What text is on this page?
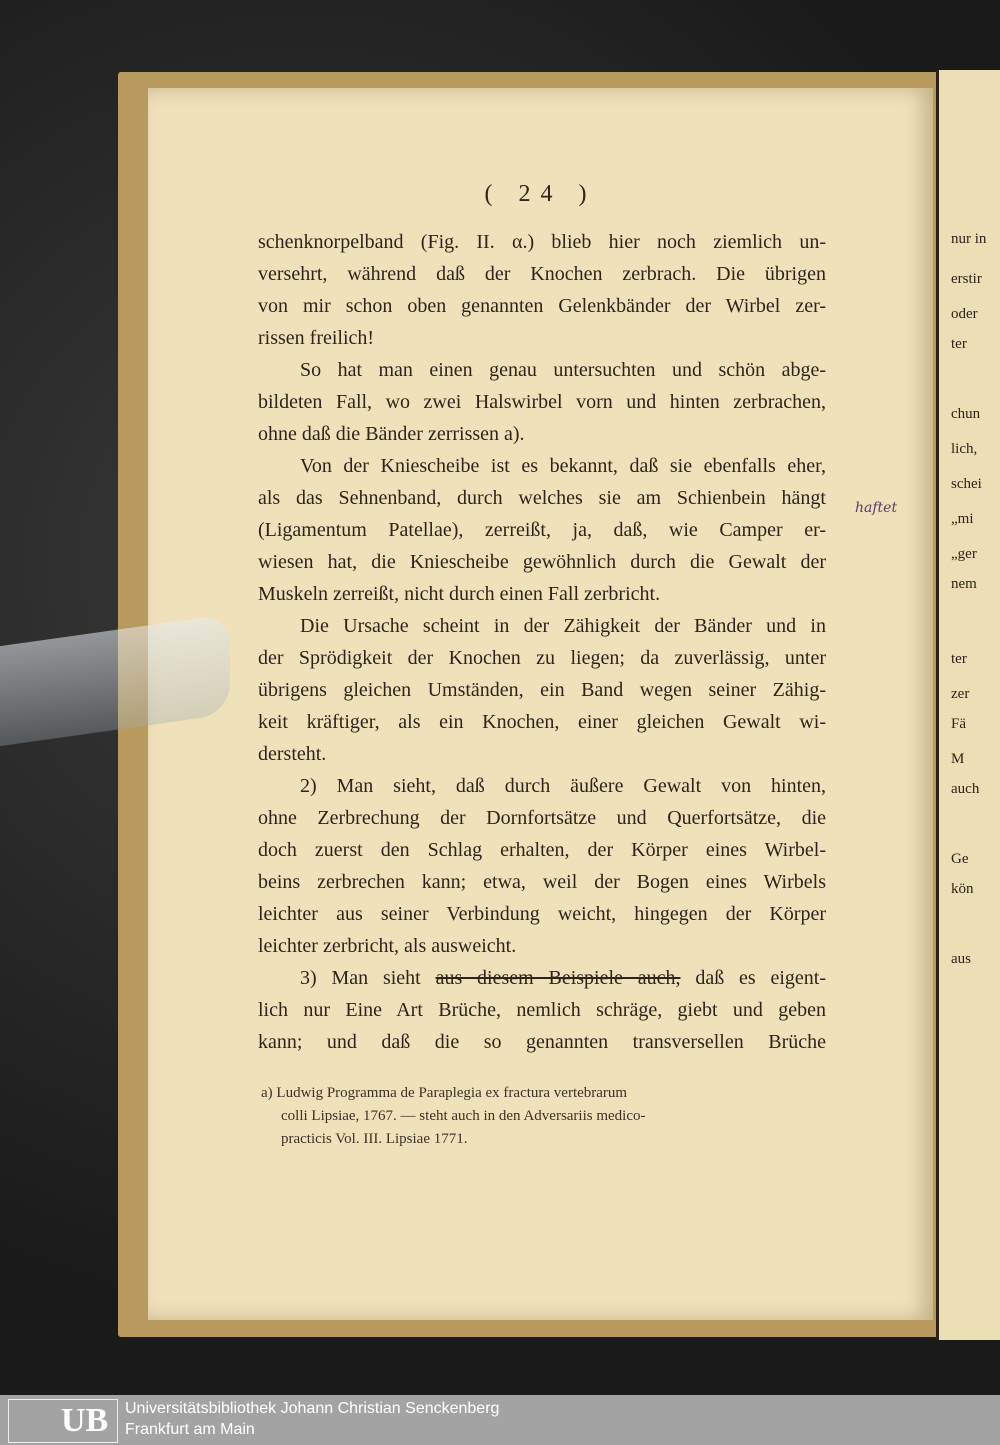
nur in
erstir
oder
ter
chun
lich,
schei
„mi
„ger
nem
ter
zer
Fä
M
auch
Ge
kön
aus
( 24 )
schenknorpelband (Fig. II. α.) blieb hier noch ziemlich un-
versehrt, während daß der Knochen zerbrach. Die übrigen
von mir schon oben genannten Gelenkbänder der Wirbel zer-
rissen freilich!
So hat man einen genau untersuchten und schön abge-
bildeten Fall, wo zwei Halswirbel vorn und hinten zerbrachen,
ohne daß die Bänder zerrissen a).
Von der Kniescheibe ist es bekannt, daß sie ebenfalls eher,
als das Sehnenband, durch welches sie am Schienbein hängt
(Ligamentum Patellae), zerreißt, ja, daß, wie Camper er-
wiesen hat, die Kniescheibe gewöhnlich durch die Gewalt der
Muskeln zerreißt, nicht durch einen Fall zerbricht.
Die Ursache scheint in der Zähigkeit der Bänder und in
der Sprödigkeit der Knochen zu liegen; da zuverlässig, unter
übrigens gleichen Umständen, ein Band wegen seiner Zähig-
keit kräftiger, als ein Knochen, einer gleichen Gewalt wi-
dersteht.
2) Man sieht, daß durch äußere Gewalt von hinten,
ohne Zerbrechung der Dornfortsätze und Querfortsätze, die
doch zuerst den Schlag erhalten, der Körper eines Wirbel-
beins zerbrechen kann; etwa, weil der Bogen eines Wirbels
leichter aus seiner Verbindung weicht, hingegen der Körper
leichter zerbricht, als ausweicht.
3) Man sieht aus diesem Beispiele auch, daß es eigent-
lich nur Eine Art Brüche, nemlich schräge, giebt und geben
kann; und daß die so genannten transversellen Brüche
a) Ludwig Programma de Paraplegia ex fractura vertebrarum
colli Lipsiae, 1767. — steht auch in den Adversariis medico-
practicis Vol. III. Lipsiae 1771.
haftet
UB Universitätsbibliothek Johann Christian Senckenberg
Frankfurt am Main
